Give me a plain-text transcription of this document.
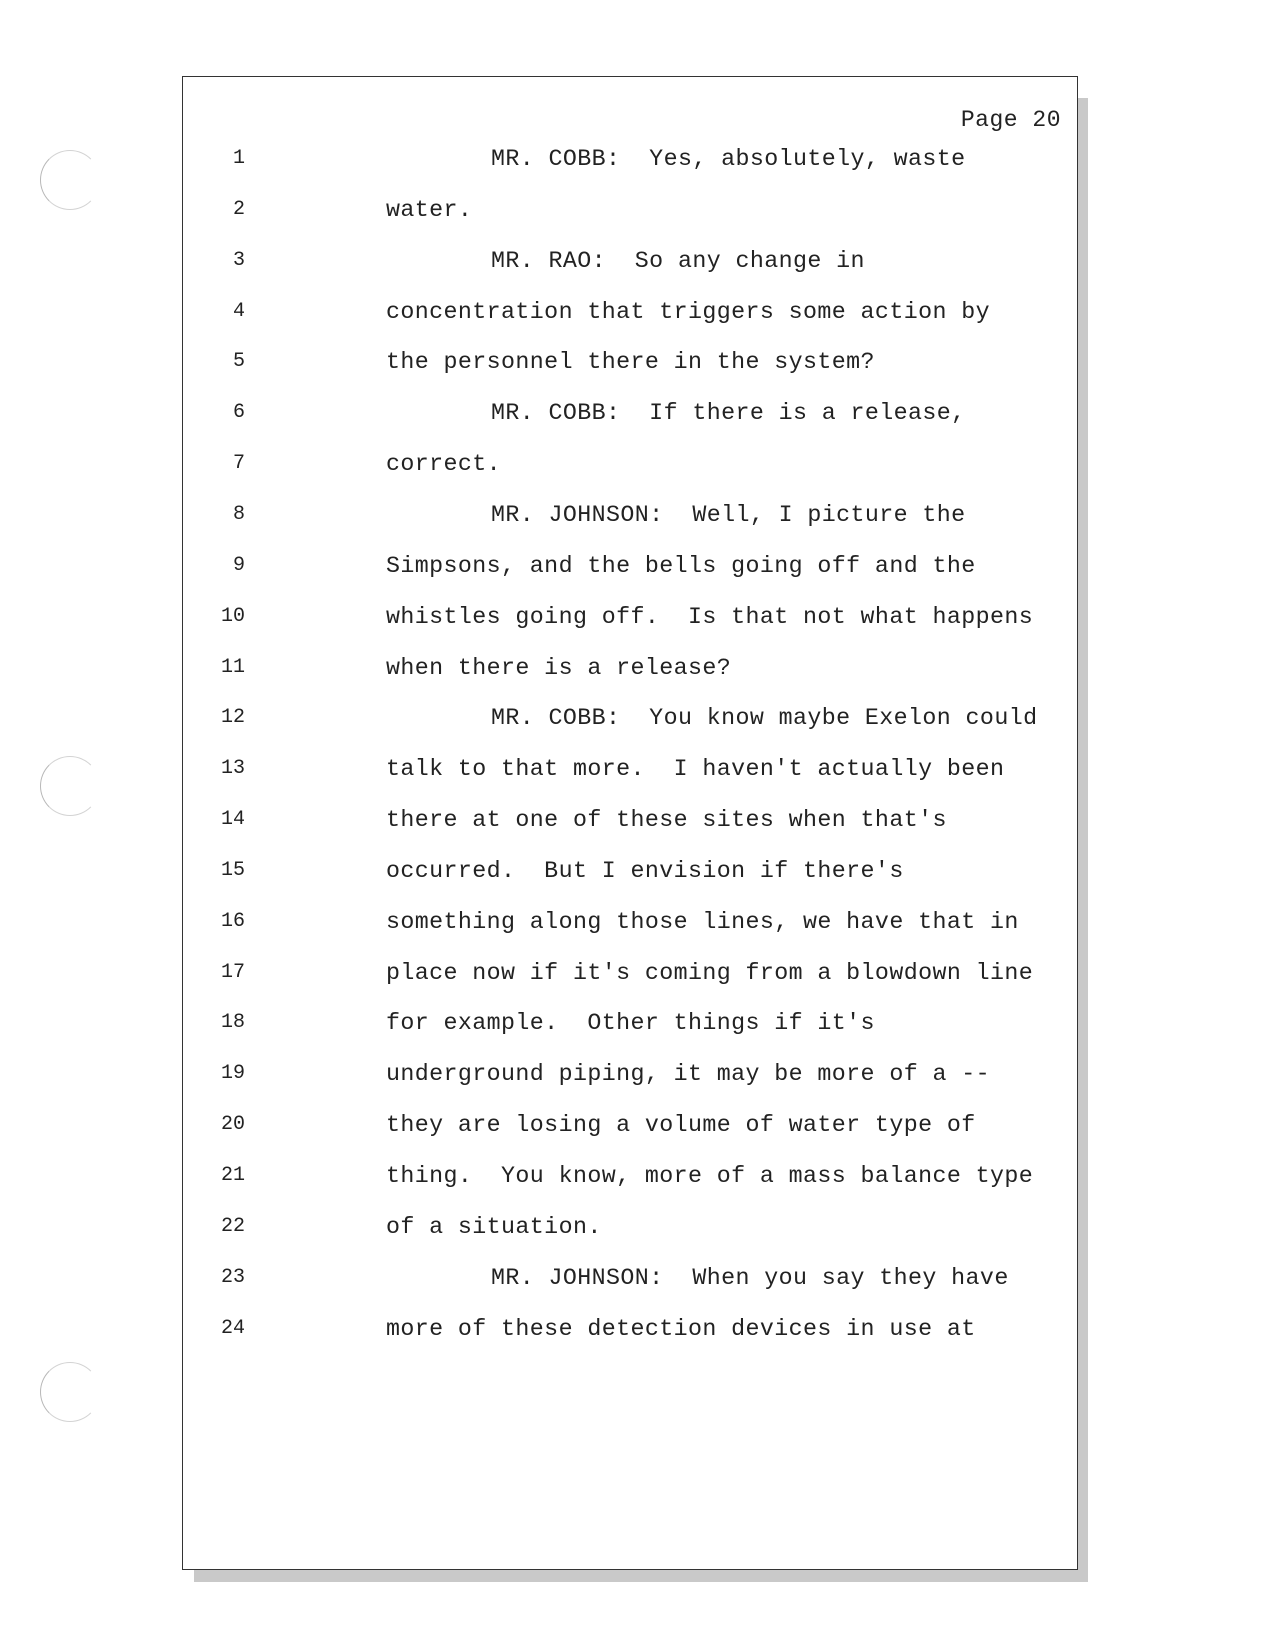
Page 20
1	MR. COBB:  Yes, absolutely, waste
2	water.
3	MR. RAO:  So any change in
4	concentration that triggers some action by
5	the personnel there in the system?
6	MR. COBB:  If there is a release,
7	correct.
8	MR. JOHNSON:  Well, I picture the
9	Simpsons, and the bells going off and the
10	whistles going off.  Is that not what happens
11	when there is a release?
12	MR. COBB:  You know maybe Exelon could
13	talk to that more.  I haven't actually been
14	there at one of these sites when that's
15	occurred.  But I envision if there's
16	something along those lines, we have that in
17	place now if it's coming from a blowdown line
18	for example.  Other things if it's
19	underground piping, it may be more of a --
20	they are losing a volume of water type of
21	thing.  You know, more of a mass balance type
22	of a situation.
23	MR. JOHNSON:  When you say they have
24	more of these detection devices in use at
